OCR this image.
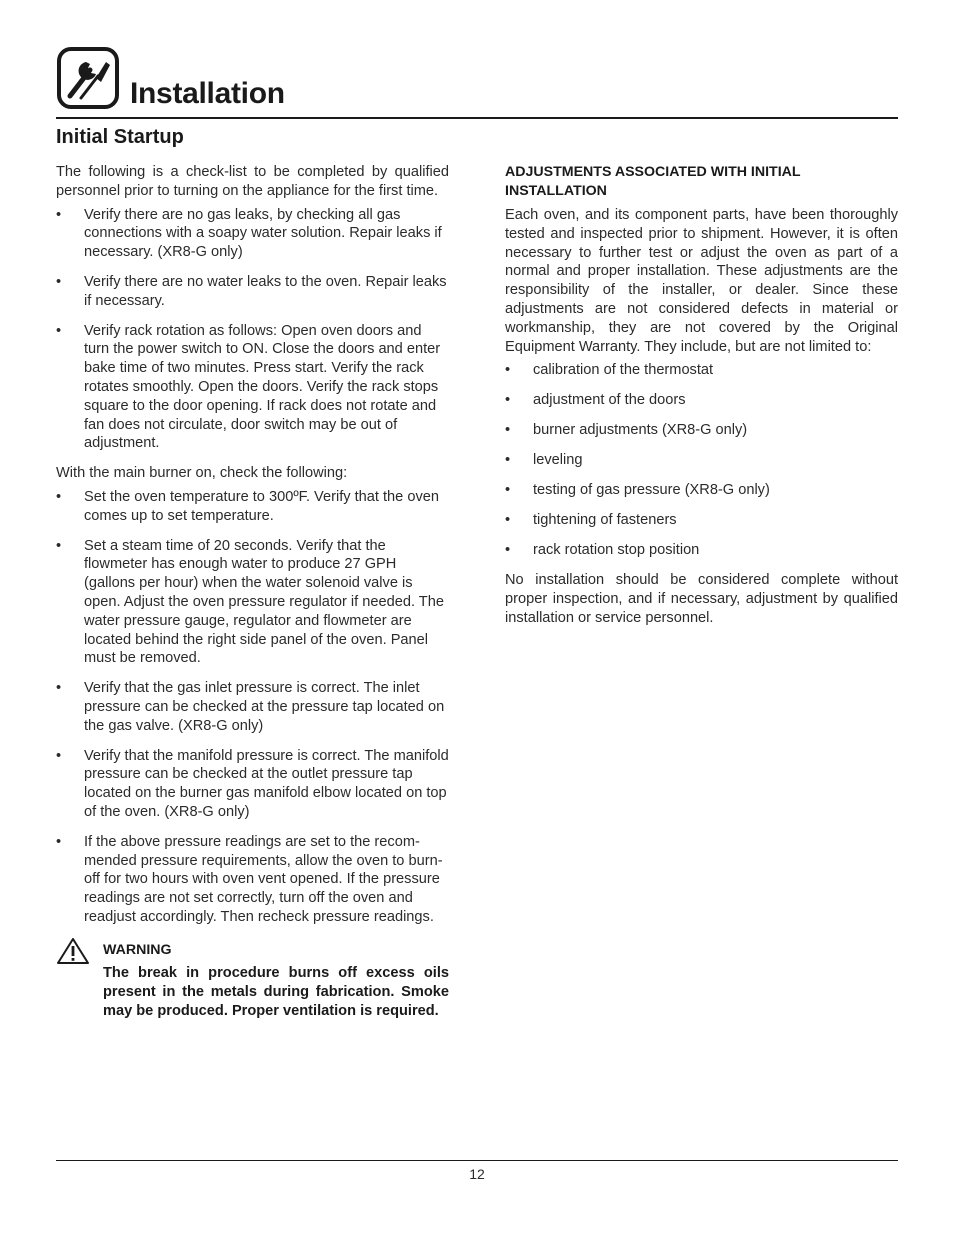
Installation
Initial Startup

The following is a check-list to be completed by qualified personnel prior to turning on the appliance for the first time.

• Verify there are no gas leaks, by checking all gas connections with a soapy water solution. Repair leaks if necessary. (XR8-G only)
• Verify there are no water leaks to the oven. Repair leaks if necessary.
• Verify rack rotation as follows: Open oven doors and turn the power switch to ON. Close the doors and enter bake time of two minutes. Press start. Verify the rack rotates smoothly. Open the doors. Verify the rack stops square to the door opening. If rack does not rotate and fan does not circulate, door switch may be out of adjustment.

With the main burner on, check the following:

• Set the oven temperature to 300ºF. Verify that the oven comes up to set temperature.
• Set a steam time of 20 seconds. Verify that the flowmeter has enough water to produce 27 GPH (gallons per hour) when the water solenoid valve is open. Adjust the oven pressure regulator if needed. The water pressure gauge, regulator and flowmeter are located behind the right side panel of the oven. Panel must be removed.
• Verify that the gas inlet pressure is correct. The inlet pressure can be checked at the pressure tap located on the gas valve. (XR8-G only)
• Verify that the manifold pressure is correct. The manifold pressure can be checked at the outlet pressure tap located on the burner gas manifold elbow located on top of the oven. (XR8-G only)
• If the above pressure readings are set to the recommended pressure requirements, allow the oven to burn-off for two hours with oven vent opened. If the pressure readings are not set correctly, turn off the oven and readjust accordingly. Then recheck pressure readings.
WARNING
The break in procedure burns off excess oils present in the metals during fabrication. Smoke may be produced. Proper ventilation is required.
ADJUSTMENTS ASSOCIATED WITH INITIAL INSTALLATION

Each oven, and its component parts, have been thoroughly tested and inspected prior to shipment. However, it is often necessary to further test or adjust the oven as part of a normal and proper installation. These adjustments are the responsibility of the installer, or dealer. Since these adjustments are not considered defects in material or workmanship, they are not covered by the Original Equipment Warranty. They include, but are not limited to:

• calibration of the thermostat
• adjustment of the doors
• burner adjustments (XR8-G only)
• leveling
• testing of gas pressure (XR8-G only)
• tightening of fasteners
• rack rotation stop position

No installation should be considered complete without proper inspection, and if necessary, adjustment by qualified installation or service personnel.

12
